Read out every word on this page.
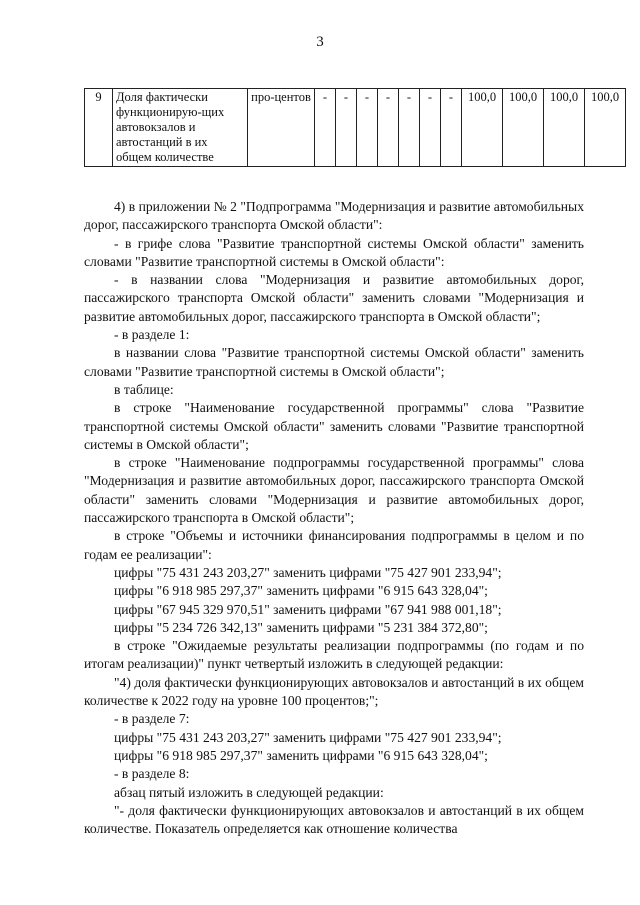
3
9	Доля фактически функционирую-щих автовокзалов и автостанций в их общем количестве	про-центов	-	-	-	-	-	-	-	100,0	100,0	100,0	100,0

4) в приложении № 2 "Подпрограмма "Модернизация и развитие автомобильных дорог, пассажирского транспорта Омской области":

- в грифе слова "Развитие транспортной системы Омской области" заменить словами "Развитие транспортной системы в Омской области":

- в названии слова "Модернизация и развитие автомобильных дорог, пассажирского транспорта Омской области" заменить словами "Модернизация и развитие автомобильных дорог, пассажирского транспорта в Омской области";

- в разделе 1:

в названии слова "Развитие транспортной системы Омской области" заменить словами "Развитие транспортной системы в Омской области";

в таблице:

в строке "Наименование государственной программы" слова "Развитие транспортной системы Омской области" заменить словами "Развитие транспортной системы в Омской области";

в строке "Наименование подпрограммы государственной программы" слова "Модернизация и развитие автомобильных дорог, пассажирского транспорта Омской области" заменить словами "Модернизация и развитие автомобильных дорог, пассажирского транспорта в Омской области";

в строке "Объемы и источники финансирования подпрограммы в целом и по годам ее реализации":

цифры "75 431 243 203,27" заменить цифрами "75 427 901 233,94";

цифры "6 918 985 297,37" заменить цифрами "6 915 643 328,04";

цифры "67 945 329 970,51" заменить цифрами "67 941 988 001,18";

цифры "5 234 726 342,13" заменить цифрами "5 231 384 372,80";

в строке "Ожидаемые результаты реализации подпрограммы (по годам и по итогам реализации)" пункт четвертый изложить в следующей редакции:

"4) доля фактически функционирующих автовокзалов и автостанций в их общем количестве к 2022 году на уровне 100 процентов;";

- в разделе 7:

цифры "75 431 243 203,27" заменить цифрами "75 427 901 233,94";

цифры "6 918 985 297,37" заменить цифрами "6 915 643 328,04";

- в разделе 8:

абзац пятый изложить в следующей редакции:

"- доля фактически функционирующих автовокзалов и автостанций в их общем количестве. Показатель определяется как отношение количества
